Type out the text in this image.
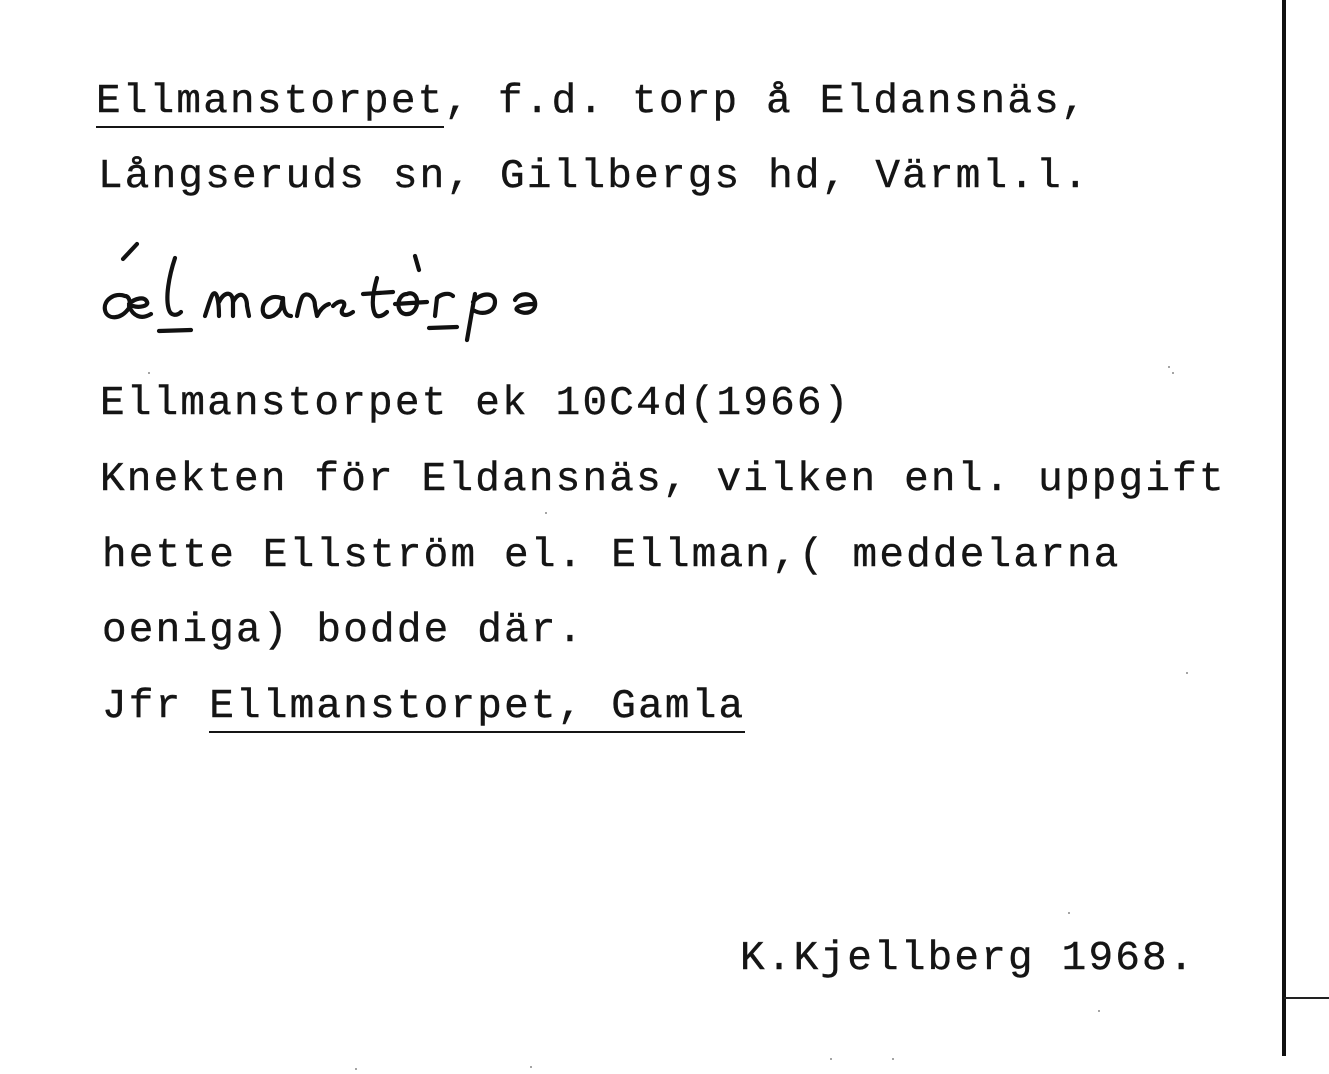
Ellmanstorpet, f.d. torp å Eldansnäs,
Långseruds sn, Gillbergs hd, Värml.l.
Ellmanstorpet ek 10C4d(1966)
Knekten för Eldansnäs, vilken enl. uppgift
hette Ellström el. Ellman,( meddelarna
oeniga) bodde där.
Jfr Ellmanstorpet, Gamla
K.Kjellberg 1968.
